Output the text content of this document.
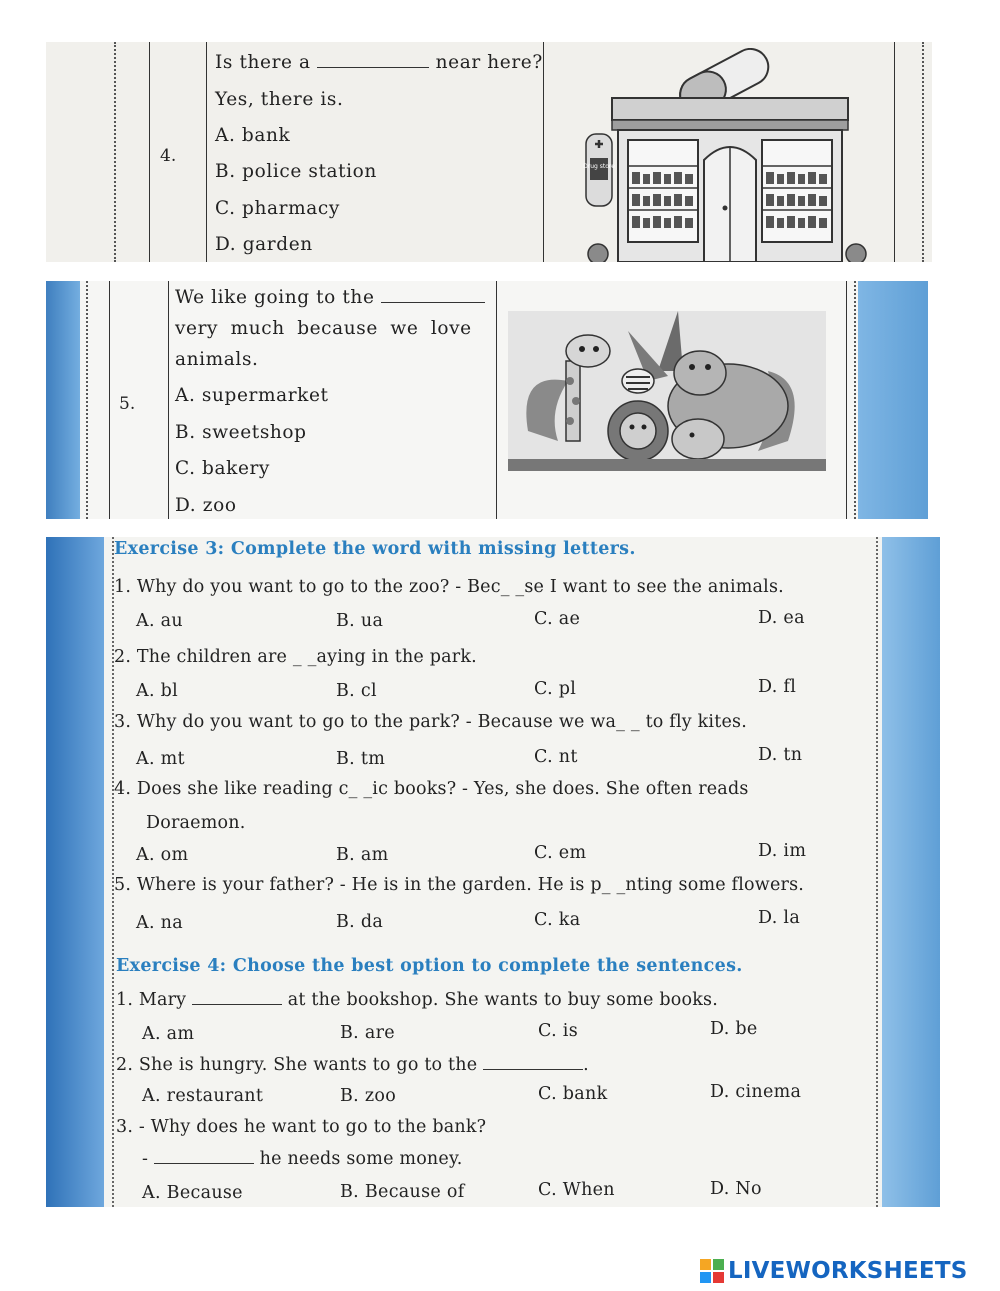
4.
Is there a	near here?
Yes, there is.
A. bank
B. police station
C. pharmacy
D. garden
Drug store
5.
We like going to the
very much because we love
animals.
A. supermarket
B. sweetshop
C. bakery
D. zoo
Exercise 3: Complete the word with missing letters.
1. Why do you want to go to the zoo? - Bec_ _se I want to see the animals.
A. au	B. ua	C. ae	D. ea
2. The children are _ _aying in the park.
A. bl	B. cl	C. pl	D. fl
3. Why do you want to go to the park? - Because we wa_ _ to fly kites.
A. mt	B. tm	C. nt	D. tn
4. Does she like reading c_ _ic books? - Yes, she does. She often reads
Doraemon.
A. om	B. am	C. em	D. im
5. Where is your father? - He is in the garden. He is p_ _nting some flowers.
A. na	B. da	C. ka	D. la
Exercise 4: Choose the best option to complete the sentences.
1. Mary	at the bookshop. She wants to buy some books.
A. am	B. are	C. is	D. be
2. She is hungry. She wants to go to the	.
A. restaurant	B. zoo	C. bank	D. cinema
3. - Why does he want to go to the bank?
-	he needs some money.
A. Because	B. Because of	C. When	D. No
LIVEWORKSHEETS
